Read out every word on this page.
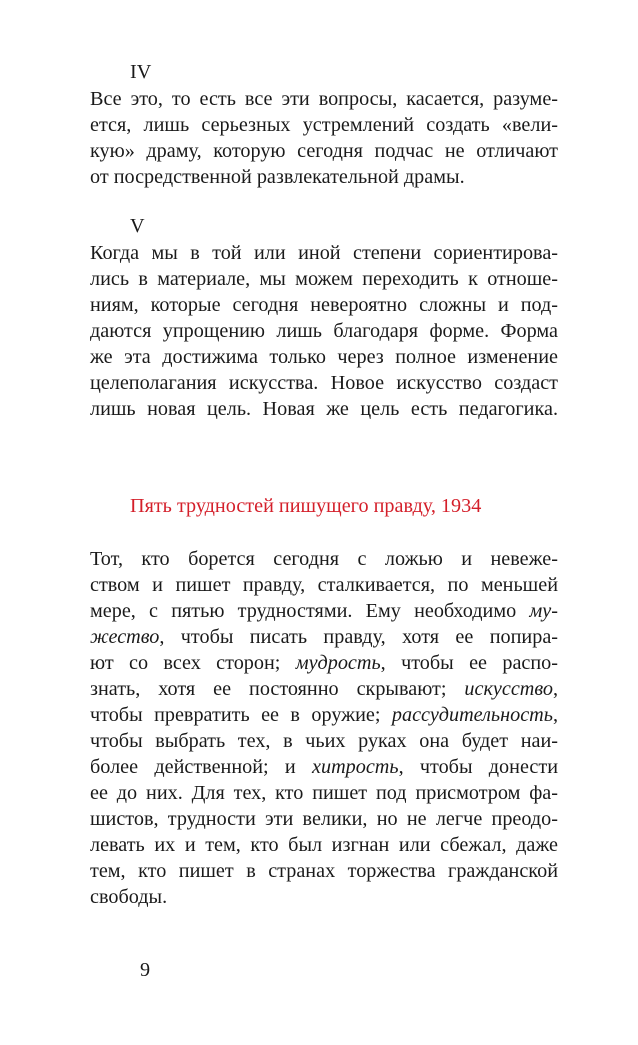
IV
Все это, то есть все эти вопросы, касается, разуме-
ется, лишь серьезных устремлений создать «вели-
кую» драму, которую сегодня подчас не отличают
от посредственной развлекательной драмы.
V
Когда мы в той или иной степени сориентирова-
лись в материале, мы можем переходить к отноше-
ниям, которые сегодня невероятно сложны и под-
даются упрощению лишь благодаря форме. Форма
же эта достижима только через полное изменение
целеполагания искусства. Новое искусство создаст
лишь новая цель. Новая же цель есть педагогика.
Пять трудностей пишущего правду, 1934
Тот, кто борется сегодня с ложью и невеже-
ством и пишет правду, сталкивается, по меньшей
мере, с пятью трудностями. Ему необходимо му-
жество, чтобы писать правду, хотя ее попира-
ют со всех сторон; мудрость, чтобы ее распо-
знать, хотя ее постоянно скрывают; искусство,
чтобы превратить ее в оружие; рассудительность,
чтобы выбрать тех, в чьих руках она будет наи-
более действенной; и хитрость, чтобы донести
ее до них. Для тех, кто пишет под присмотром фа-
шистов, трудности эти велики, но не легче преодо-
левать их и тем, кто был изгнан или сбежал, даже
тем, кто пишет в странах торжества гражданской
свободы.
9
